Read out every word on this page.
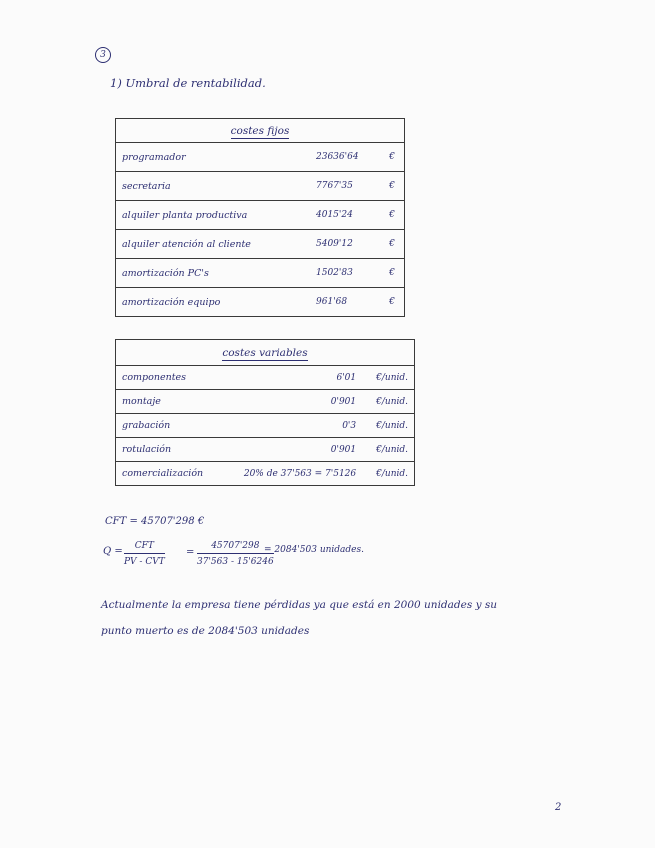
3
1) Umbral de rentabilidad.
costes fijos		
programador	23636'64	€
secretaria	7767'35	€
alquiler planta productiva	4015'24	€
alquiler atención al cliente	5409'12	€
amortización PC's	1502'83	€
amortización equipo	961'68	€
costes variables		
componentes	6'01	€/unid.
montaje	0'901	€/unid.
grabación	0'3	€/unid.
rotulación	0'901	€/unid.
comercialización	20% de 37'563 = 7'5126	€/unid.
CFT = 45707'298 €
Q =	CFT
PV - CVT
= $\frac{45707'298}{37'563 - 15'6246}$
= 2084'503 unidades.
Actualmente la empresa tiene pérdidas ya que está en 2000 unidades y su
punto muerto es de 2084'503 unidades
2
